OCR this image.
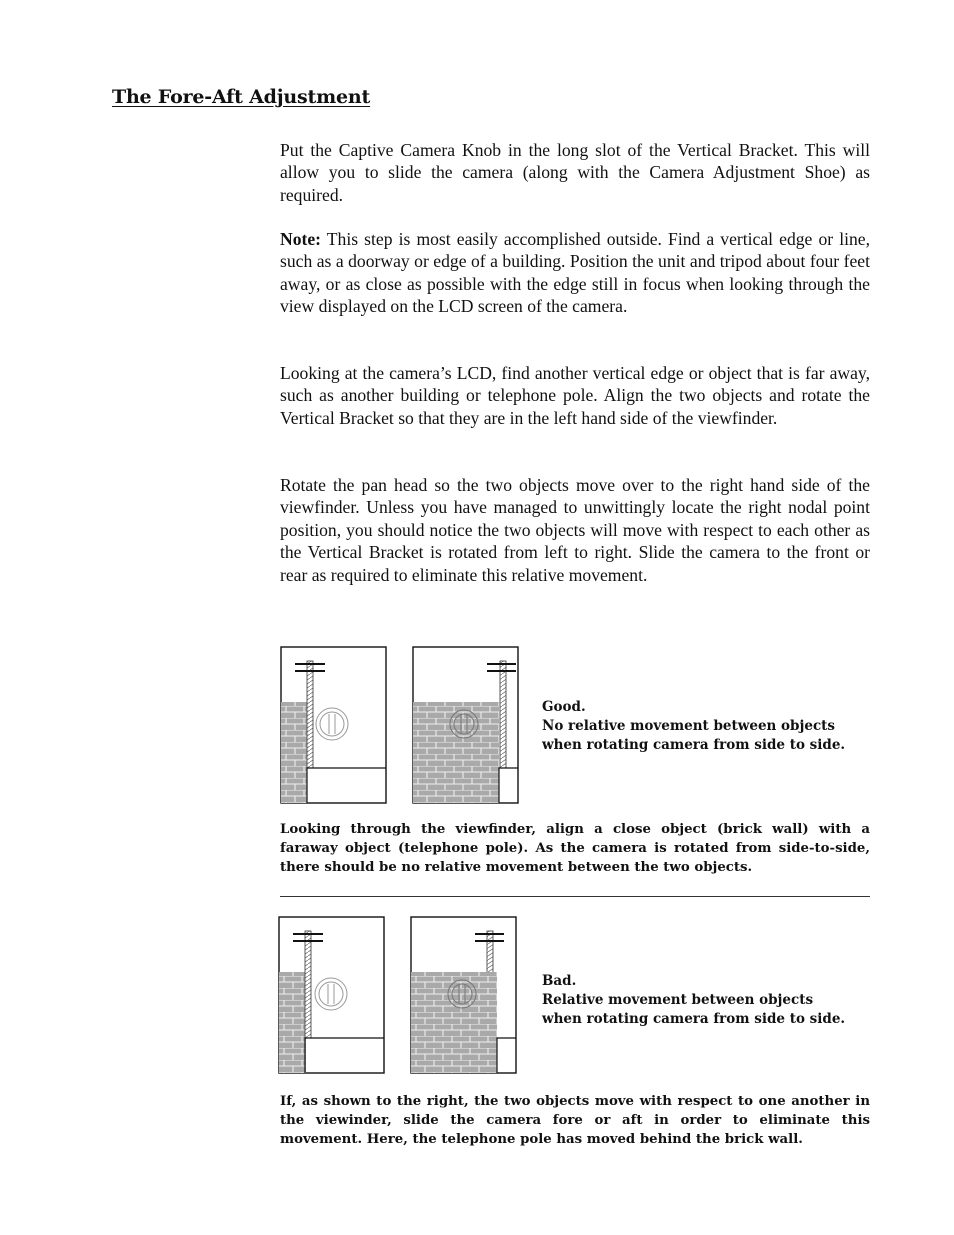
The Fore-Aft Adjustment

Put the Captive Camera Knob in the long slot of the Vertical Bracket. This will allow you to slide the camera (along with the Camera Adjustment Shoe) as required.

Note: This step is most easily accomplished outside. Find a vertical edge or line, such as a doorway or edge of a building. Position the unit and tripod about four feet away, or as close as possible with the edge still in focus when looking through the view displayed on the LCD screen of the camera.

Looking at the camera’s LCD, find another vertical edge or object that is far away, such as another building or telephone pole. Align the two objects and rotate the Vertical Bracket so that they are in the left hand side of the viewfinder.

Rotate the pan head so the two objects move over to the right hand side of the viewfinder. Unless you have managed to unwittingly locate the right nodal point position, you should notice the two objects will move with respect to each other as the Vertical Bracket is rotated from left to right. Slide the camera to the front or rear as required to eliminate this relative movement.

Good.
No relative movement between objects
when rotating camera from side to side.

Looking through the viewfinder, align a close object (brick wall) with a faraway object (telephone pole). As the camera is rotated from side-to-side, there should be no relative movement between the two objects.

Bad.
Relative movement between objects
when rotating camera from side to side.

If, as shown to the right, the two objects move with respect to one another in the viewinder, slide the camera fore or aft in order to eliminate this movement. Here, the telephone pole has moved behind the brick wall.
